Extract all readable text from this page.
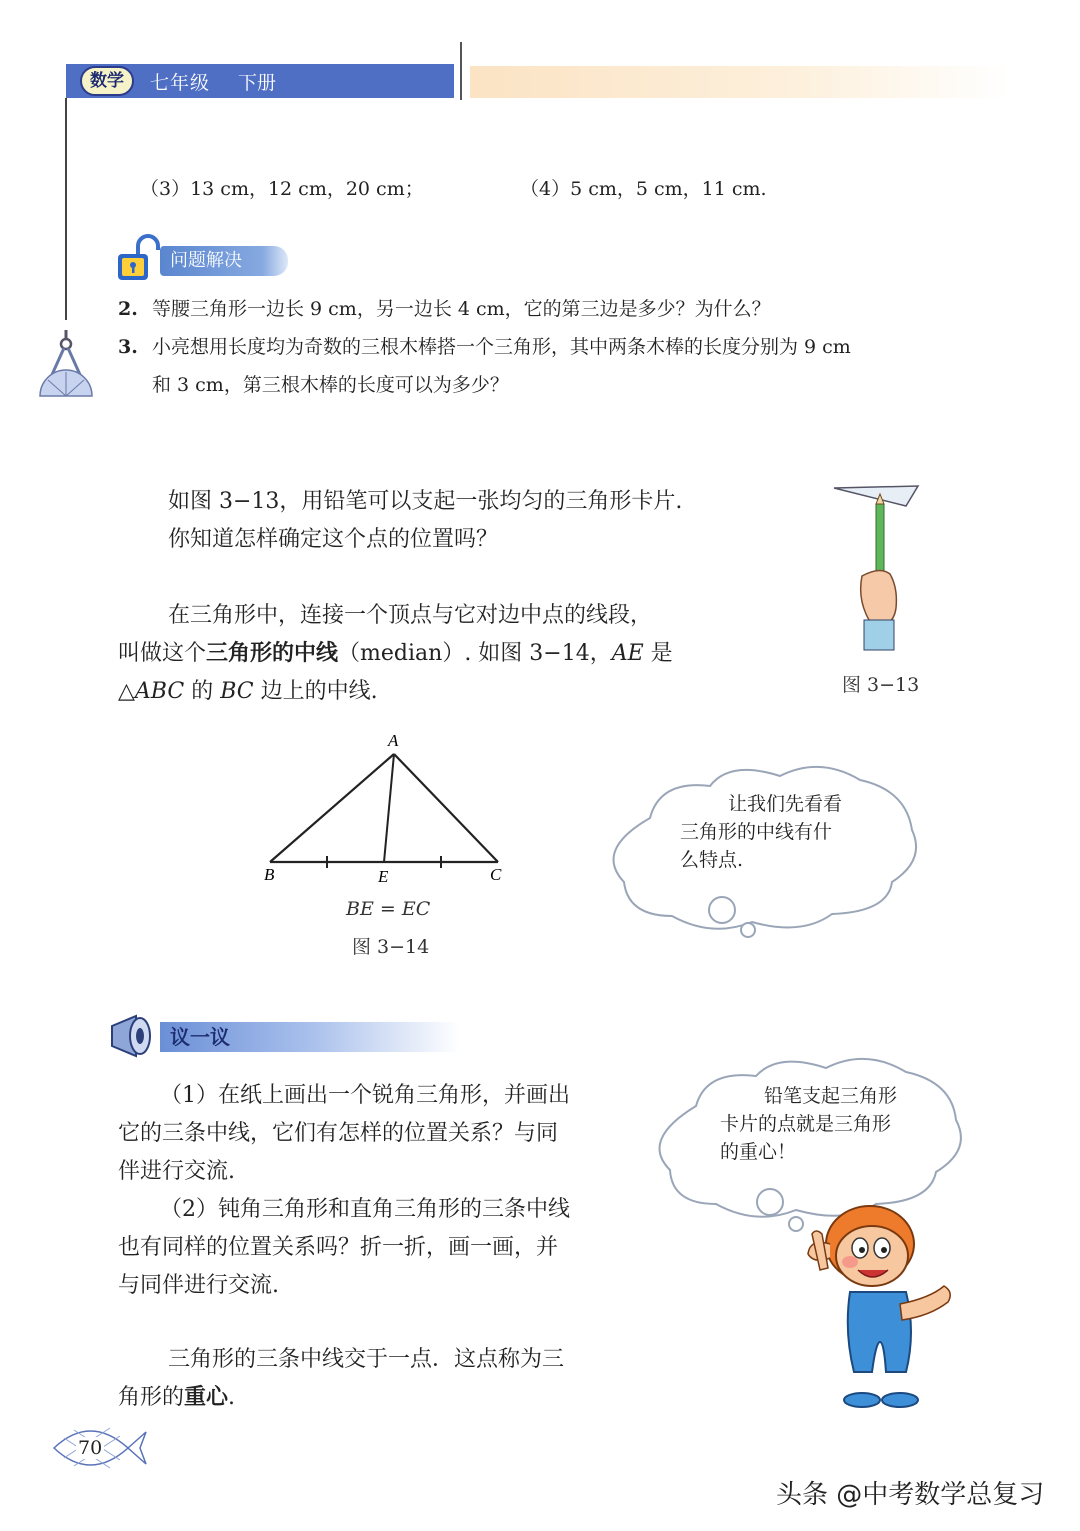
数学	七年级 下册
（3）13 cm，12 cm，20 cm；	（4）5 cm，5 cm，11 cm.
问题解决
2. 等腰三角形一边长 9 cm，另一边长 4 cm，它的第三边是多少？为什么？
3. 小亮想用长度均为奇数的三根木棒搭一个三角形，其中两条木棒的长度分别为 9 cm
和 3 cm，第三根木棒的长度可以为多少？
如图 3−13，用铅笔可以支起一张均匀的三角形卡片.
你知道怎样确定这个点的位置吗？
图 3−13
在三角形中，连接一个顶点与它对边中点的线段，
叫做这个三角形的中线（median）. 如图 3−14，AE 是
△ABC 的 BC 边上的中线.
A
B	E	C
BE = EC
图 3−14
让我们先看看
三角形的中线有什
么特点.
议一议
（1）在纸上画出一个锐角三角形，并画出
它的三条中线，它们有怎样的位置关系？与同
伴进行交流.
（2）钝角三角形和直角三角形的三条中线
也有同样的位置关系吗？折一折，画一画，并
与同伴进行交流.
铅笔支起三角形
卡片的点就是三角形
的重心！
三角形的三条中线交于一点．这点称为三
角形的重心.
70
头条 @中考数学总复习
